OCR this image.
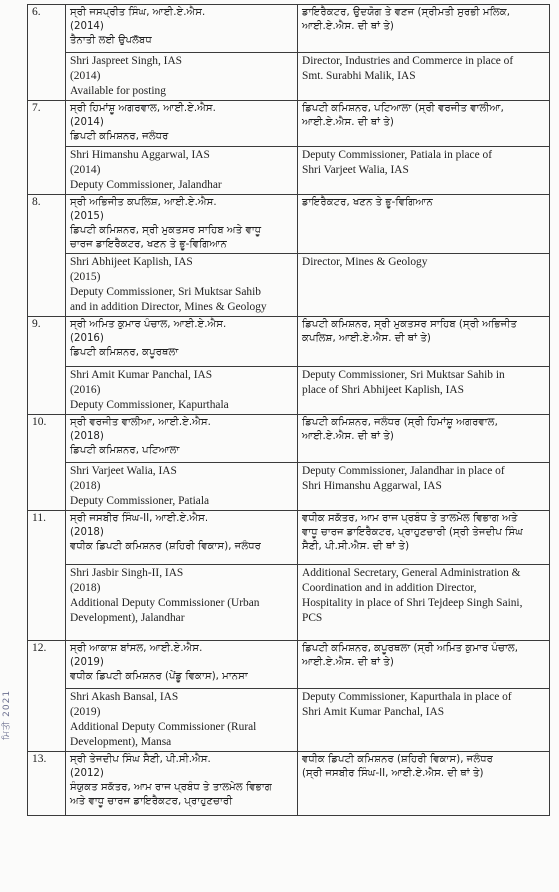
ਮਿਤੀ 2021
6.	ਸ੍ਰੀ ਜਸਪ੍ਰੀਤ ਸਿੰਘ, ਆਈ.ਏ.ਐਸ.
(2014)
ਤੈਨਾਤੀ ਲਈ ਉਪਲੱਬਧ	ਡਾਇਰੈਕਟਰ, ਉਦਯੋਗ ਤੇ ਵਣਜ (ਸ੍ਰੀਮਤੀ ਸੁਰਭੀ ਮਲਿਕ,
ਆਈ.ਏ.ਐਸ. ਦੀ ਥਾਂ ਤੇ)

	Shri Jaspreet Singh, IAS
(2014)
Available for posting	Director, Industries and Commerce in place of
Smt. Surabhi Malik, IAS

7.	ਸ੍ਰੀ ਹਿਮਾਂਸ਼ੂ ਅਗਰਵਾਲ, ਆਈ.ਏ.ਐਸ.
(2014)
ਡਿਪਟੀ ਕਮਿਸ਼ਨਰ, ਜਲੰਧਰ	ਡਿਪਟੀ ਕਮਿਸ਼ਨਰ, ਪਟਿਆਲਾ (ਸ੍ਰੀ ਵਰਜੀਤ ਵਾਲੀਆ,
ਆਈ.ਏ.ਐਸ. ਦੀ ਥਾਂ ਤੇ)

	Shri Himanshu Aggarwal, IAS
(2014)
Deputy Commissioner, Jalandhar	Deputy Commissioner, Patiala in place of
Shri Varjeet Walia, IAS

8.	ਸ੍ਰੀ ਅਭਿਜੀਤ ਕਪਲਿਸ਼, ਆਈ.ਏ.ਐਸ.
(2015)
ਡਿਪਟੀ ਕਮਿਸ਼ਨਰ, ਸ੍ਰੀ ਮੁਕਤਸਰ ਸਾਹਿਬ ਅਤੇ ਵਾਧੂ
ਚਾਰਜ ਡਾਇਰੈਕਟਰ, ਖਣਨ ਤੇ ਭੂ-ਵਿਗਿਆਨ	ਡਾਇਰੈਕਟਰ, ਖਣਨ ਤੇ ਭੂ-ਵਿਗਿਆਨ

	Shri Abhijeet Kaplish, IAS
(2015)
Deputy Commissioner, Sri Muktsar Sahib
and in addition Director, Mines & Geology	Director, Mines & Geology

9.	ਸ੍ਰੀ ਅਮਿਤ ਕੁਮਾਰ ਪੰਚਾਲ, ਆਈ.ਏ.ਐਸ.
(2016)
ਡਿਪਟੀ ਕਮਿਸ਼ਨਰ, ਕਪੂਰਥਲਾ	ਡਿਪਟੀ ਕਮਿਸ਼ਨਰ, ਸ੍ਰੀ ਮੁਕਤਸਰ ਸਾਹਿਬ (ਸ੍ਰੀ ਅਭਿਜੀਤ
ਕਪਲਿਸ਼, ਆਈ.ਏ.ਐਸ. ਦੀ ਥਾਂ ਤੇ)

	Shri Amit Kumar Panchal, IAS
(2016)
Deputy Commissioner, Kapurthala	Deputy Commissioner, Sri Muktsar Sahib in
place of Shri Abhijeet Kaplish, IAS

10.	ਸ੍ਰੀ ਵਰਜੀਤ ਵਾਲੀਆ, ਆਈ.ਏ.ਐਸ.
(2018)
ਡਿਪਟੀ ਕਮਿਸ਼ਨਰ, ਪਟਿਆਲਾ	ਡਿਪਟੀ ਕਮਿਸ਼ਨਰ, ਜਲੰਧਰ (ਸ੍ਰੀ ਹਿਮਾਂਸ਼ੂ ਅਗਰਵਾਲ,
ਆਈ.ਏ.ਐਸ. ਦੀ ਥਾਂ ਤੇ)

	Shri Varjeet Walia, IAS
(2018)
Deputy Commissioner, Patiala	Deputy Commissioner, Jalandhar in place of
Shri Himanshu Aggarwal, IAS

11.	ਸ੍ਰੀ ਜਸਬੀਰ ਸਿੰਘ-II, ਆਈ.ਏ.ਐਸ.
(2018)
ਵਧੀਕ ਡਿਪਟੀ ਕਮਿਸ਼ਨਰ (ਸ਼ਹਿਰੀ ਵਿਕਾਸ), ਜਲੰਧਰ	ਵਧੀਕ ਸਕੱਤਰ, ਆਮ ਰਾਜ ਪ੍ਰਬੰਧ ਤੇ ਤਾਲਮੇਲ ਵਿਭਾਗ ਅਤੇ
ਵਾਧੂ ਚਾਰਜ ਡਾਇਰੈਕਟਰ, ਪ੍ਰਾਹੁਣਚਾਰੀ (ਸ੍ਰੀ ਤੇਜਦੀਪ ਸਿੰਘ
ਸੈਣੀ, ਪੀ.ਸੀ.ਐਸ. ਦੀ ਥਾਂ ਤੇ)

	Shri Jasbir Singh-II, IAS
(2018)
Additional Deputy Commissioner (Urban
Development), Jalandhar	Additional Secretary, General Administration &
Coordination and in addition Director,
Hospitality in place of Shri Tejdeep Singh Saini,
PCS

12.	ਸ੍ਰੀ ਆਕਾਸ਼ ਬਾਂਸਲ, ਆਈ.ਏ.ਐਸ.
(2019)
ਵਧੀਕ ਡਿਪਟੀ ਕਮਿਸ਼ਨਰ (ਪੇਂਡੂ ਵਿਕਾਸ), ਮਾਨਸਾ	ਡਿਪਟੀ ਕਮਿਸ਼ਨਰ, ਕਪੂਰਥਲਾ (ਸ੍ਰੀ ਅਮਿਤ ਕੁਮਾਰ ਪੰਚਾਲ,
ਆਈ.ਏ.ਐਸ. ਦੀ ਥਾਂ ਤੇ)

	Shri Akash Bansal, IAS
(2019)
Additional Deputy Commissioner (Rural
Development), Mansa	Deputy Commissioner, Kapurthala in place of
Shri Amit Kumar Panchal, IAS

13.	ਸ੍ਰੀ ਤੇਜਦੀਪ ਸਿੰਘ ਸੈਣੀ, ਪੀ.ਸੀ.ਐਸ.
(2012)
ਸੰਯੁਕਤ ਸਕੱਤਰ, ਆਮ ਰਾਜ ਪ੍ਰਬੰਧ ਤੇ ਤਾਲਮੇਲ ਵਿਭਾਗ
ਅਤੇ ਵਾਧੂ ਚਾਰਜ ਡਾਇਰੈਕਟਰ, ਪ੍ਰਾਹੁਣਚਾਰੀ	ਵਧੀਕ ਡਿਪਟੀ ਕਮਿਸ਼ਨਰ (ਸ਼ਹਿਰੀ ਵਿਕਾਸ), ਜਲੰਧਰ
(ਸ੍ਰੀ ਜਸਬੀਰ ਸਿੰਘ-II, ਆਈ.ਏ.ਐਸ. ਦੀ ਥਾਂ ਤੇ)
